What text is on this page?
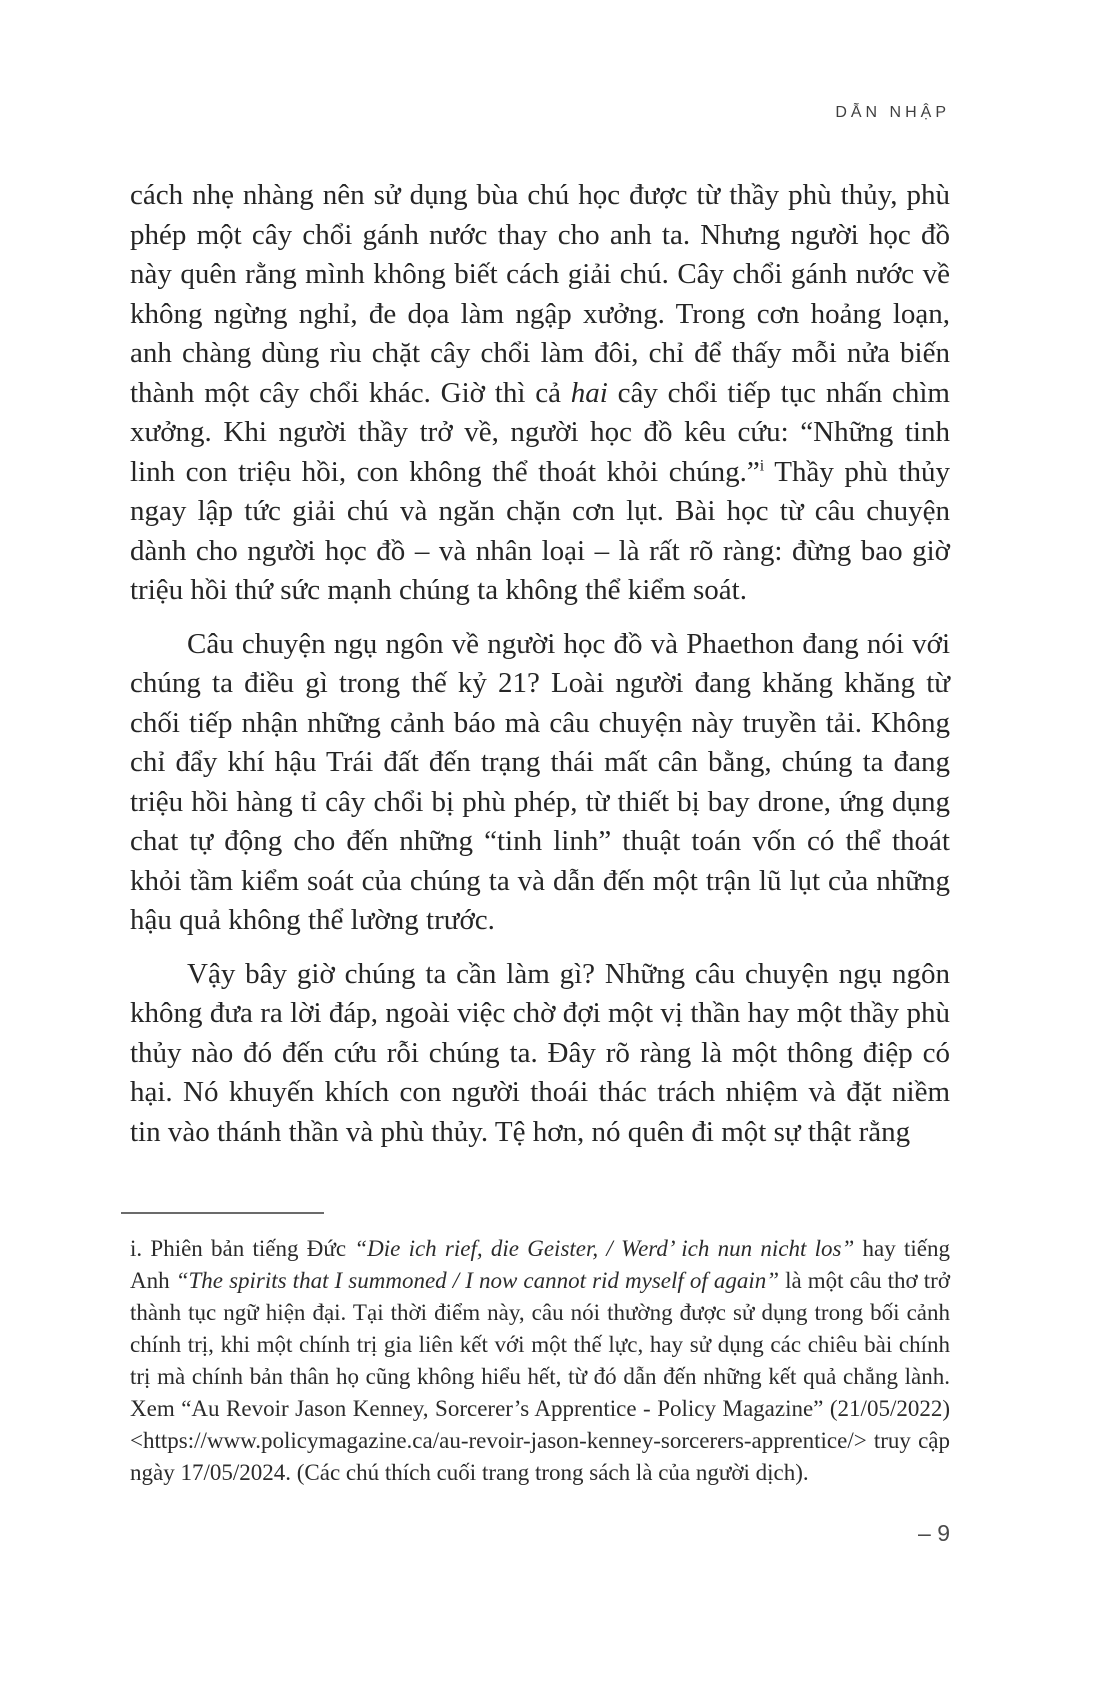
DẪN NHẬP

cách nhẹ nhàng nên sử dụng bùa chú học được từ thầy phù thủy, phù phép một cây chổi gánh nước thay cho anh ta. Nhưng người học đồ này quên rằng mình không biết cách giải chú. Cây chổi gánh nước về không ngừng nghỉ, đe dọa làm ngập xưởng. Trong cơn hoảng loạn, anh chàng dùng rìu chặt cây chổi làm đôi, chỉ để thấy mỗi nửa biến thành một cây chổi khác. Giờ thì cả hai cây chổi tiếp tục nhấn chìm xưởng. Khi người thầy trở về, người học đồ kêu cứu: “Những tinh linh con triệu hồi, con không thể thoát khỏi chúng.”$^i$ Thầy phù thủy ngay lập tức giải chú và ngăn chặn cơn lụt. Bài học từ câu chuyện dành cho người học đồ – và nhân loại – là rất rõ ràng: đừng bao giờ triệu hồi thứ sức mạnh chúng ta không thể kiểm soát.

Câu chuyện ngụ ngôn về người học đồ và Phaethon đang nói với chúng ta điều gì trong thế kỷ 21? Loài người đang khăng khăng từ chối tiếp nhận những cảnh báo mà câu chuyện này truyền tải. Không chỉ đẩy khí hậu Trái đất đến trạng thái mất cân bằng, chúng ta đang triệu hồi hàng tỉ cây chổi bị phù phép, từ thiết bị bay drone, ứng dụng chat tự động cho đến những “tinh linh” thuật toán vốn có thể thoát khỏi tầm kiểm soát của chúng ta và dẫn đến một trận lũ lụt của những hậu quả không thể lường trước.

Vậy bây giờ chúng ta cần làm gì? Những câu chuyện ngụ ngôn không đưa ra lời đáp, ngoài việc chờ đợi một vị thần hay một thầy phù thủy nào đó đến cứu rỗi chúng ta. Đây rõ ràng là một thông điệp có hại. Nó khuyến khích con người thoái thác trách nhiệm và đặt niềm tin vào thánh thần và phù thủy. Tệ hơn, nó quên đi một sự thật rằng

i. Phiên bản tiếng Đức “Die ich rief, die Geister, / Werd’ ich nun nicht los” hay tiếng Anh “The spirits that I summoned / I now cannot rid myself of again” là một câu thơ trở thành tục ngữ hiện đại. Tại thời điểm này, câu nói thường được sử dụng trong bối cảnh chính trị, khi một chính trị gia liên kết với một thế lực, hay sử dụng các chiêu bài chính trị mà chính bản thân họ cũng không hiểu hết, từ đó dẫn đến những kết quả chẳng lành. Xem “Au Revoir Jason Kenney, Sorcerer’s Apprentice - Policy Magazine” (21/05/2022) <https://www.policymagazine.ca/au-revoir-jason-kenney-sorcerers-apprentice/> truy cập ngày 17/05/2024. (Các chú thích cuối trang trong sách là của người dịch).
– 9
